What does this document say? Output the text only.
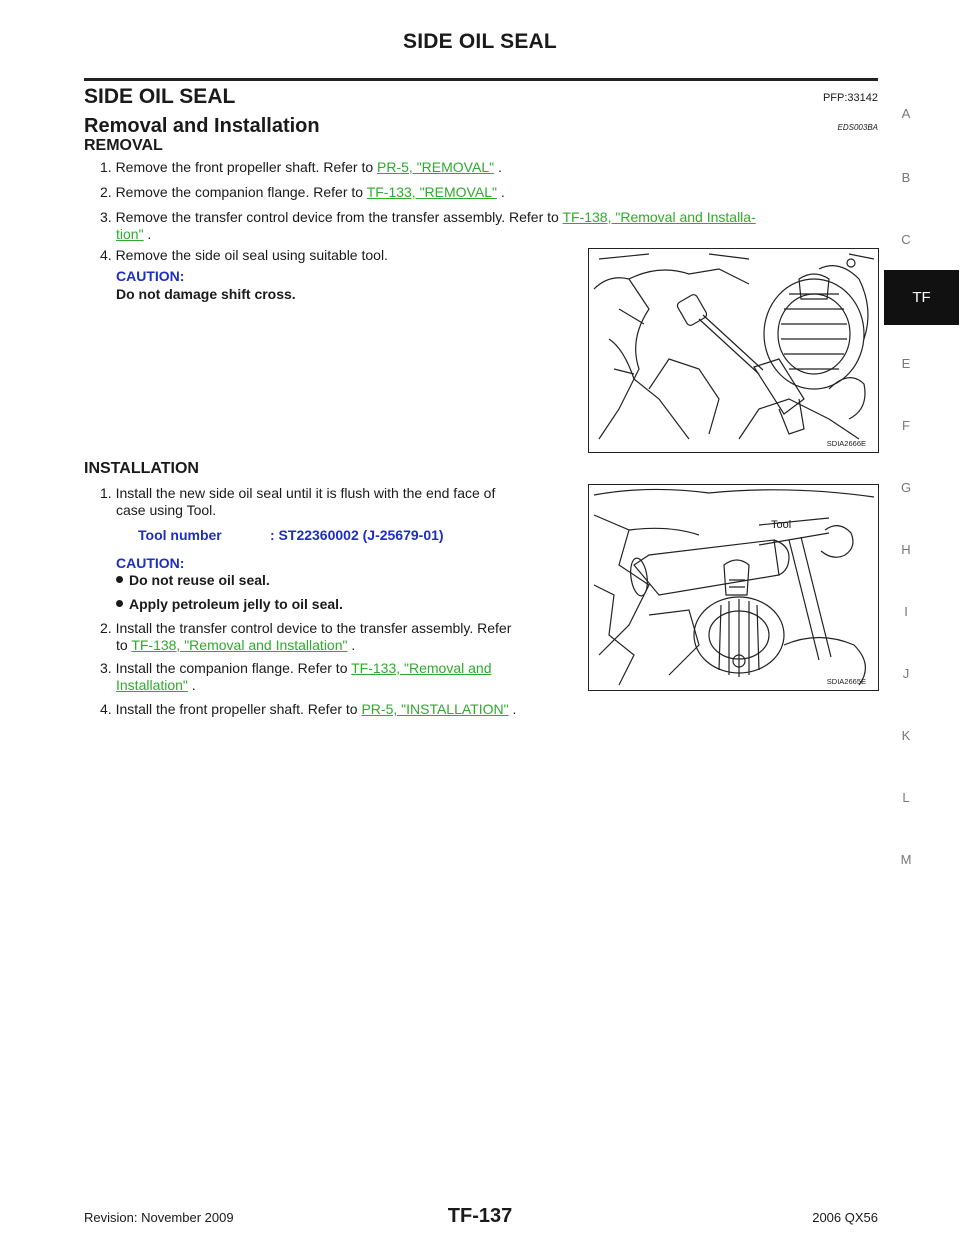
SIDE OIL SEAL
SIDE OIL SEAL	PFP:33142
Removal and Installation	EDS003BA
REMOVAL
1. Remove the front propeller shaft. Refer to PR-5, "REMOVAL" .
2. Remove the companion flange. Refer to TF-133, "REMOVAL" .
3. Remove the transfer control device from the transfer assembly. Refer to TF-138, "Removal and Installa-
tion" .
4. Remove the side oil seal using suitable tool.
CAUTION:
Do not damage shift cross.
SDIA2666E
INSTALLATION
1. Install the new side oil seal until it is flush with the end face of
case using Tool.
Tool number	: ST22360002 (J-25679-01)
CAUTION:
Do not reuse oil seal.
Apply petroleum jelly to oil seal.
2. Install the transfer control device to the transfer assembly. Refer
to TF-138, "Removal and Installation" .
3. Install the companion flange. Refer to TF-133, "Removal and
Installation" .
4. Install the front propeller shaft. Refer to PR-5, "INSTALLATION" .
Tool
SDIA2665E
A
B
C
TF
E
F
G
H
I
J
K
L
M
TF-137
Revision: November 2009	2006 QX56
